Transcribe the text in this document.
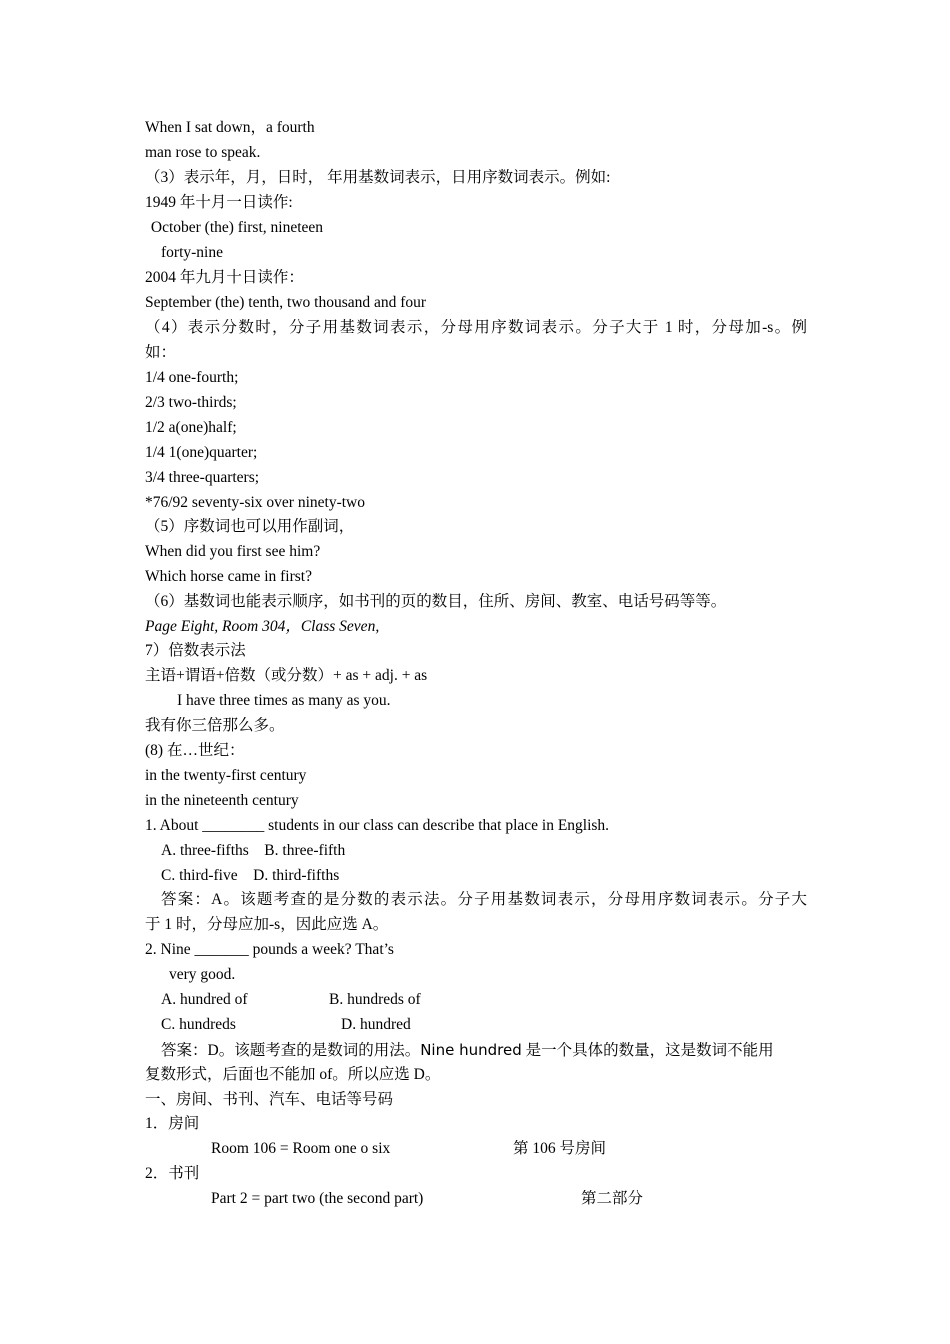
When I sat down，a fourth
man rose to speak.
（3）表示年，月，日时， 年用基数词表示，日用序数词表示。例如:
1949 年十月一日读作:
October (the) first, nineteen
forty-nine
2004 年九月十日读作：
September (the) tenth, two thousand and four
（4）表示分数时，分子用基数词表示，分母用序数词表示。分子大于 1 时，分母加-s。例
如：
1/4 one-fourth;
2/3 two-thirds;
1/2 a(one)half;
1/4 1(one)quarter;
3/4 three-quarters;
*76/92 seventy-six over ninety-two
（5）序数词也可以用作副词，
When did you first see him?
Which horse came in first?
（6）基数词也能表示顺序，如书刊的页的数目，住所、房间、教室、电话号码等等。
Page Eight, Room 304，Class Seven,
7）倍数表示法
主语+谓语+倍数（或分数）+ as + adj. + as
I have three times as many as you.
我有你三倍那么多。
(8) 在…世纪：
in the twenty-first century
in the nineteenth century
1. About ________ students in our class can describe that place in English.
A. three-fifths    B. three-fifth
C. third-five    D. third-fifths
答案：A。该题考查的是分数的表示法。分子用基数词表示，分母用序数词表示。分子大
于 1 时，分母应加-s，因此应选 A。
2. Nine _______ pounds a week? That’s
very good.
A. hundred of	B. hundreds of
C. hundreds	D. hundred
答案：D。该题考查的是数词的用法。Nine hundred 是一个具体的数量，这是数词不能用
复数形式，后面也不能加 of。所以应选 D。
一、房间、书刊、汽车、电话等号码
1．房间
Room 106 = Room one o six	第 106 号房间
2．书刊
Part 2 = part two (the second part)	第二部分
